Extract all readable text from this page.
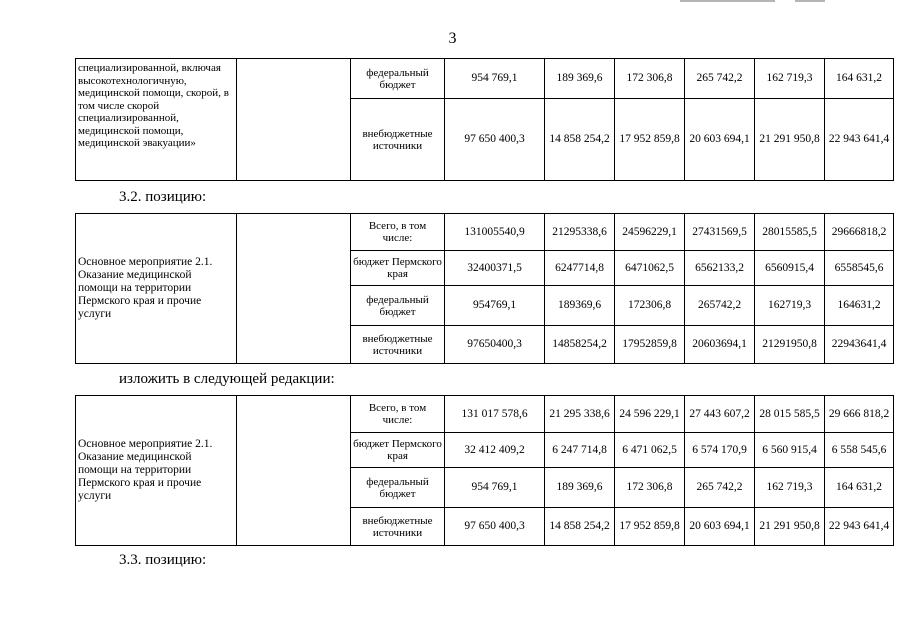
3
специализированной, включая высокотехнологичную, медицинской помощи, скорой, в том числе скорой специализированной, медицинской помощи, медицинской эвакуации»		федеральный бюджет	954 769,1	189 369,6	172 306,8	265 742,2	162 719,3	164 631,2
		внебюджетные источники	97 650 400,3	14 858 254,2	17 952 859,8	20 603 694,1	21 291 950,8	22 943 641,4
3.2. позицию:
Основное мероприятие 2.1. Оказание медицинской помощи на территории Пермского края и прочие услуги		Всего, в том числе:	131005540,9	21295338,6	24596229,1	27431569,5	28015585,5	29666818,2
		бюджет Пермского края	32400371,5	6247714,8	6471062,5	6562133,2	6560915,4	6558545,6
		федеральный бюджет	954769,1	189369,6	172306,8	265742,2	162719,3	164631,2
		внебюджетные источники	97650400,3	14858254,2	17952859,8	20603694,1	21291950,8	22943641,4
изложить в следующей редакции:
Основное мероприятие 2.1. Оказание медицинской помощи на территории Пермского края и прочие услуги		Всего, в том числе:	131 017 578,6	21 295 338,6	24 596 229,1	27 443 607,2	28 015 585,5	29 666 818,2
		бюджет Пермского края	32 412 409,2	6 247 714,8	6 471 062,5	6 574 170,9	6 560 915,4	6 558 545,6
		федеральный бюджет	954 769,1	189 369,6	172 306,8	265 742,2	162 719,3	164 631,2
		внебюджетные источники	97 650 400,3	14 858 254,2	17 952 859,8	20 603 694,1	21 291 950,8	22 943 641,4
3.3. позицию:
